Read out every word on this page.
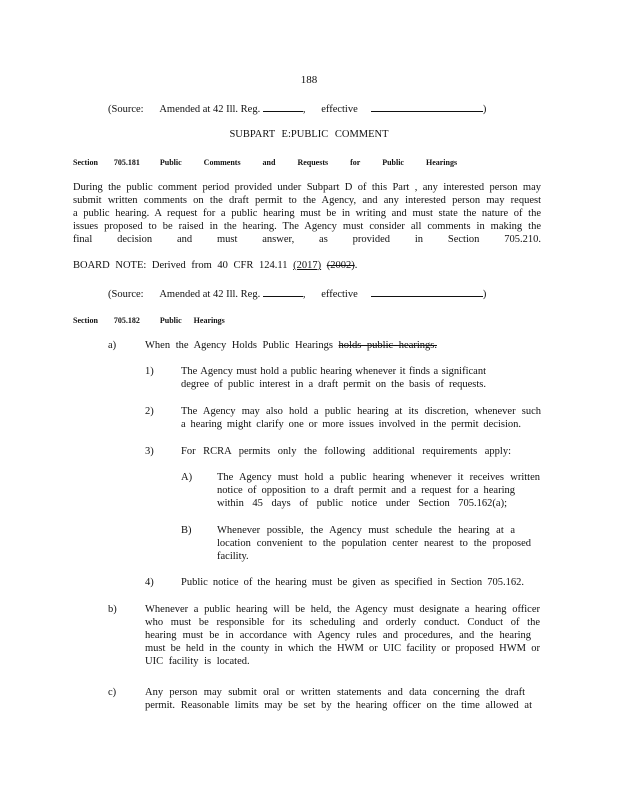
188
(Source: Amended at 42 Ill. Reg.	, effective	)
SUBPART E:PUBLIC COMMENT
Section 705.181	Public Comments and Requests for Public Hearings
During the public comment period provided under Subpart D of this Part , any interested person may
submit written comments on the draft permit to the Agency, and any interested person may request
a public hearing. A request for a public hearing must be in writing and must state the nature of the
issues proposed to be raised in the hearing. The Agency must consider all comments in making the
final decision and must answer, as provided in Section 705.210.
BOARD NOTE: Derived from 40 CFR 124.11 (2017) (2002).
(Source: Amended at 42 Ill. Reg.	, effective	)
Section 705.182	Public Hearings
a)	When the Agency Holds Public Hearings holds public hearings.
1)	The Agency must hold a public hearing whenever it finds a significant
degree of public interest in a draft permit on the basis of requests.
2)	The Agency may also hold a public hearing at its discretion, whenever such
a hearing might clarify one or more issues involved in the permit decision.
3)	For RCRA permits only the following additional requirements apply:
A) The Agency must hold a public hearing whenever it receives written
notice of opposition to a draft permit and a request for a hearing
within 45 days of public notice under Section 705.162(a);
B) Whenever possible, the Agency must schedule the hearing at a
location convenient to the population center nearest to the proposed
facility.
4)	Public notice of the hearing must be given as specified in Section 705.162.
b)	Whenever a public hearing will be held, the Agency must designate a hearing officer
who must be responsible for its scheduling and orderly conduct. Conduct of the
hearing must be in accordance with Agency rules and procedures, and the hearing
must be held in the county in which the HWM or UIC facility or proposed HWM or
UIC facility is located.
c)	Any person may submit oral or written statements and data concerning the draft
permit. Reasonable limits may be set by the hearing officer on the time allowed at
